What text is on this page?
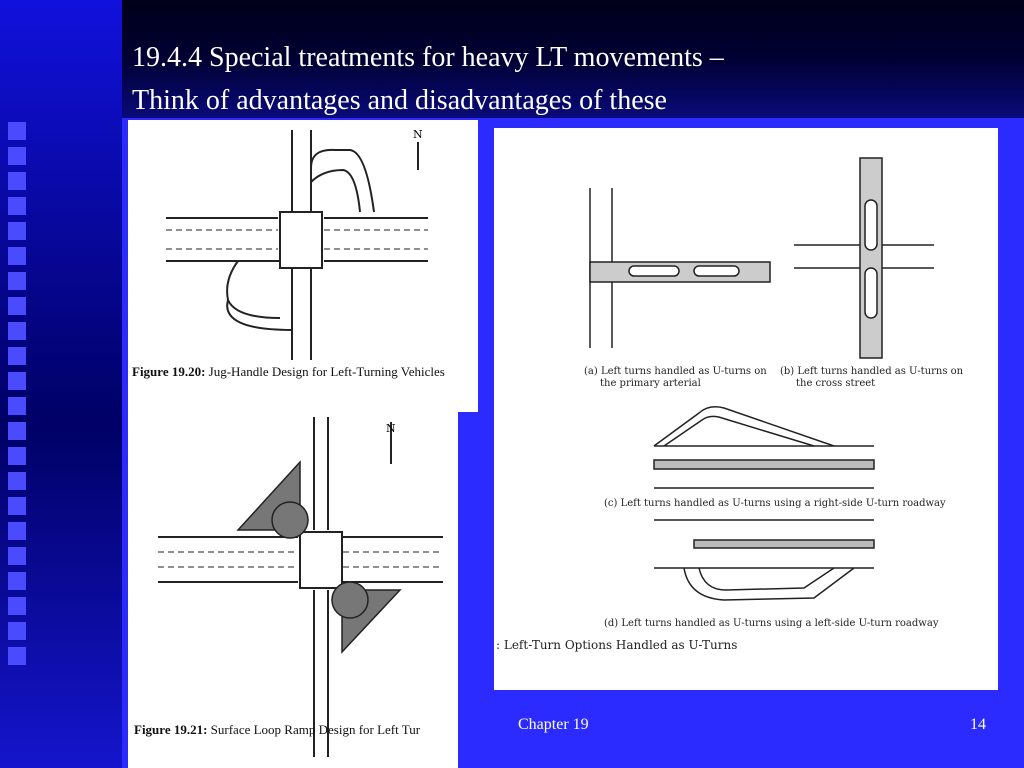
19.4.4 Special treatments for heavy LT movements –
Think of advantages and disadvantages of these
N
Figure 19.20: Jug-Handle Design for Left-Turning Vehicles
N
Figure 19.21: Surface Loop Ramp Design for Left Tur
(a) Left turns handled as U-turns on
the primary arterial
(b) Left turns handled as U-turns on
the cross street
(c) Left turns handled as U-turns using a right-side U-turn roadway
(d) Left turns handled as U-turns using a left-side U-turn roadway
: Left-Turn Options Handled as U-Turns
Chapter 19	14
